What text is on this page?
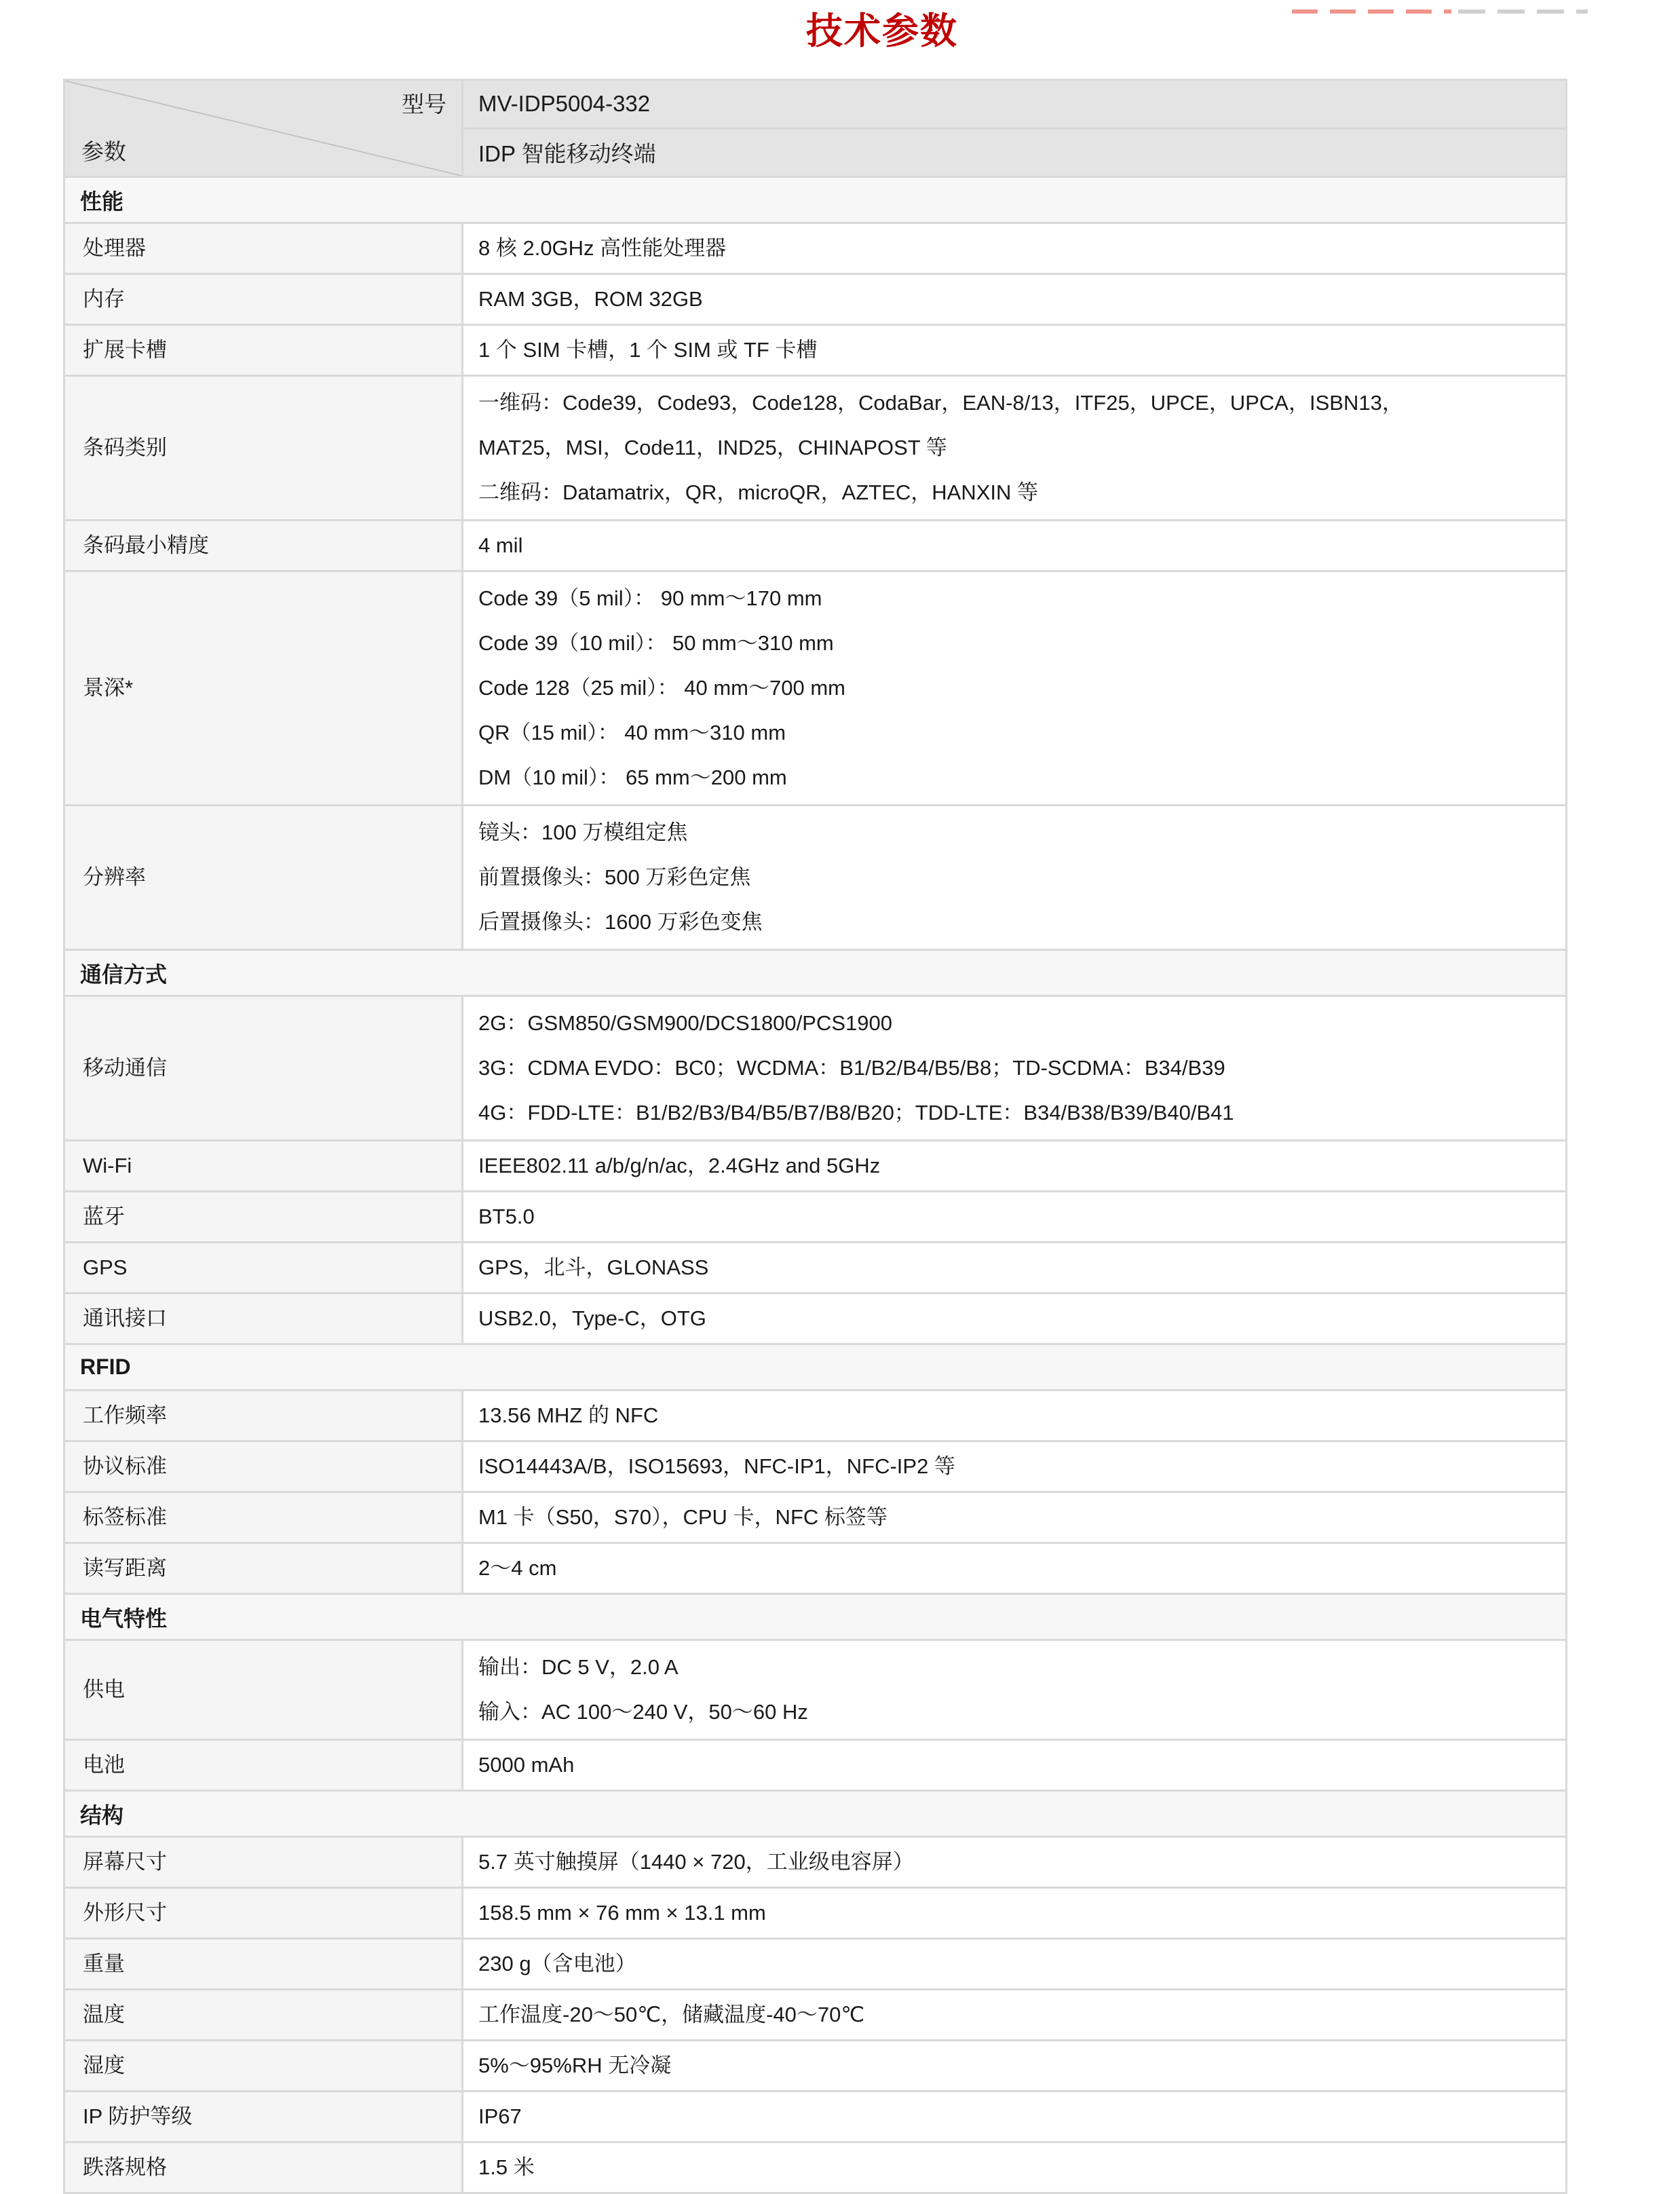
技术参数
型号
参数	MV-IDP5004-332
	IDP 智能移动终端
性能	
处理器	8 核 2.0GHz 高性能处理器

内存	RAM 3GB，ROM 32GB

扩展卡槽	1 个 SIM 卡槽，1 个 SIM 或 TF 卡槽

条码类别	一维码：Code39，Code93，Code128，CodaBar，EAN-8/13，ITF25，UPCE，UPCA，ISBN13，
MAT25，MSI，Code11，IND25，CHINAPOST 等
二维码：Datamatrix，QR，microQR，AZTEC，HANXIN 等

条码最小精度	4 mil

景深*	Code 39（5 mil）： 90 mm～170 mm
Code 39（10 mil）： 50 mm～310 mm
Code 128（25 mil）： 40 mm～700 mm
QR（15 mil）： 40 mm～310 mm
DM（10 mil）： 65 mm～200 mm

分辨率	镜头：100 万模组定焦
前置摄像头：500 万彩色定焦
后置摄像头：1600 万彩色变焦

通信方式	
移动通信	2G：GSM850/GSM900/DCS1800/PCS1900
3G：CDMA EVDO：BC0；WCDMA：B1/B2/B4/B5/B8；TD-SCDMA：B34/B39
4G：FDD-LTE：B1/B2/B3/B4/B5/B7/B8/B20；TDD-LTE：B34/B38/B39/B40/B41

Wi-Fi	IEEE802.11 a/b/g/n/ac，2.4GHz and 5GHz

蓝牙	BT5.0

GPS	GPS，北斗，GLONASS

通讯接口	USB2.0，Type-C，OTG

RFID	
工作频率	13.56 MHZ 的 NFC

协议标准	ISO14443A/B，ISO15693，NFC-IP1，NFC-IP2 等

标签标准	M1 卡（S50，S70），CPU 卡，NFC 标签等

读写距离	2～4 cm

电气特性	
供电	输出：DC 5 V，2.0 A
输入：AC 100～240 V，50～60 Hz

电池	5000 mAh

结构	
屏幕尺寸	5.7 英寸触摸屏（1440 × 720，工业级电容屏）

外形尺寸	158.5 mm × 76 mm × 13.1 mm

重量	230 g（含电池）

温度	工作温度-20～50℃，储藏温度-40～70℃

湿度	5%～95%RH 无冷凝

IP 防护等级	IP67

跌落规格	1.5 米
